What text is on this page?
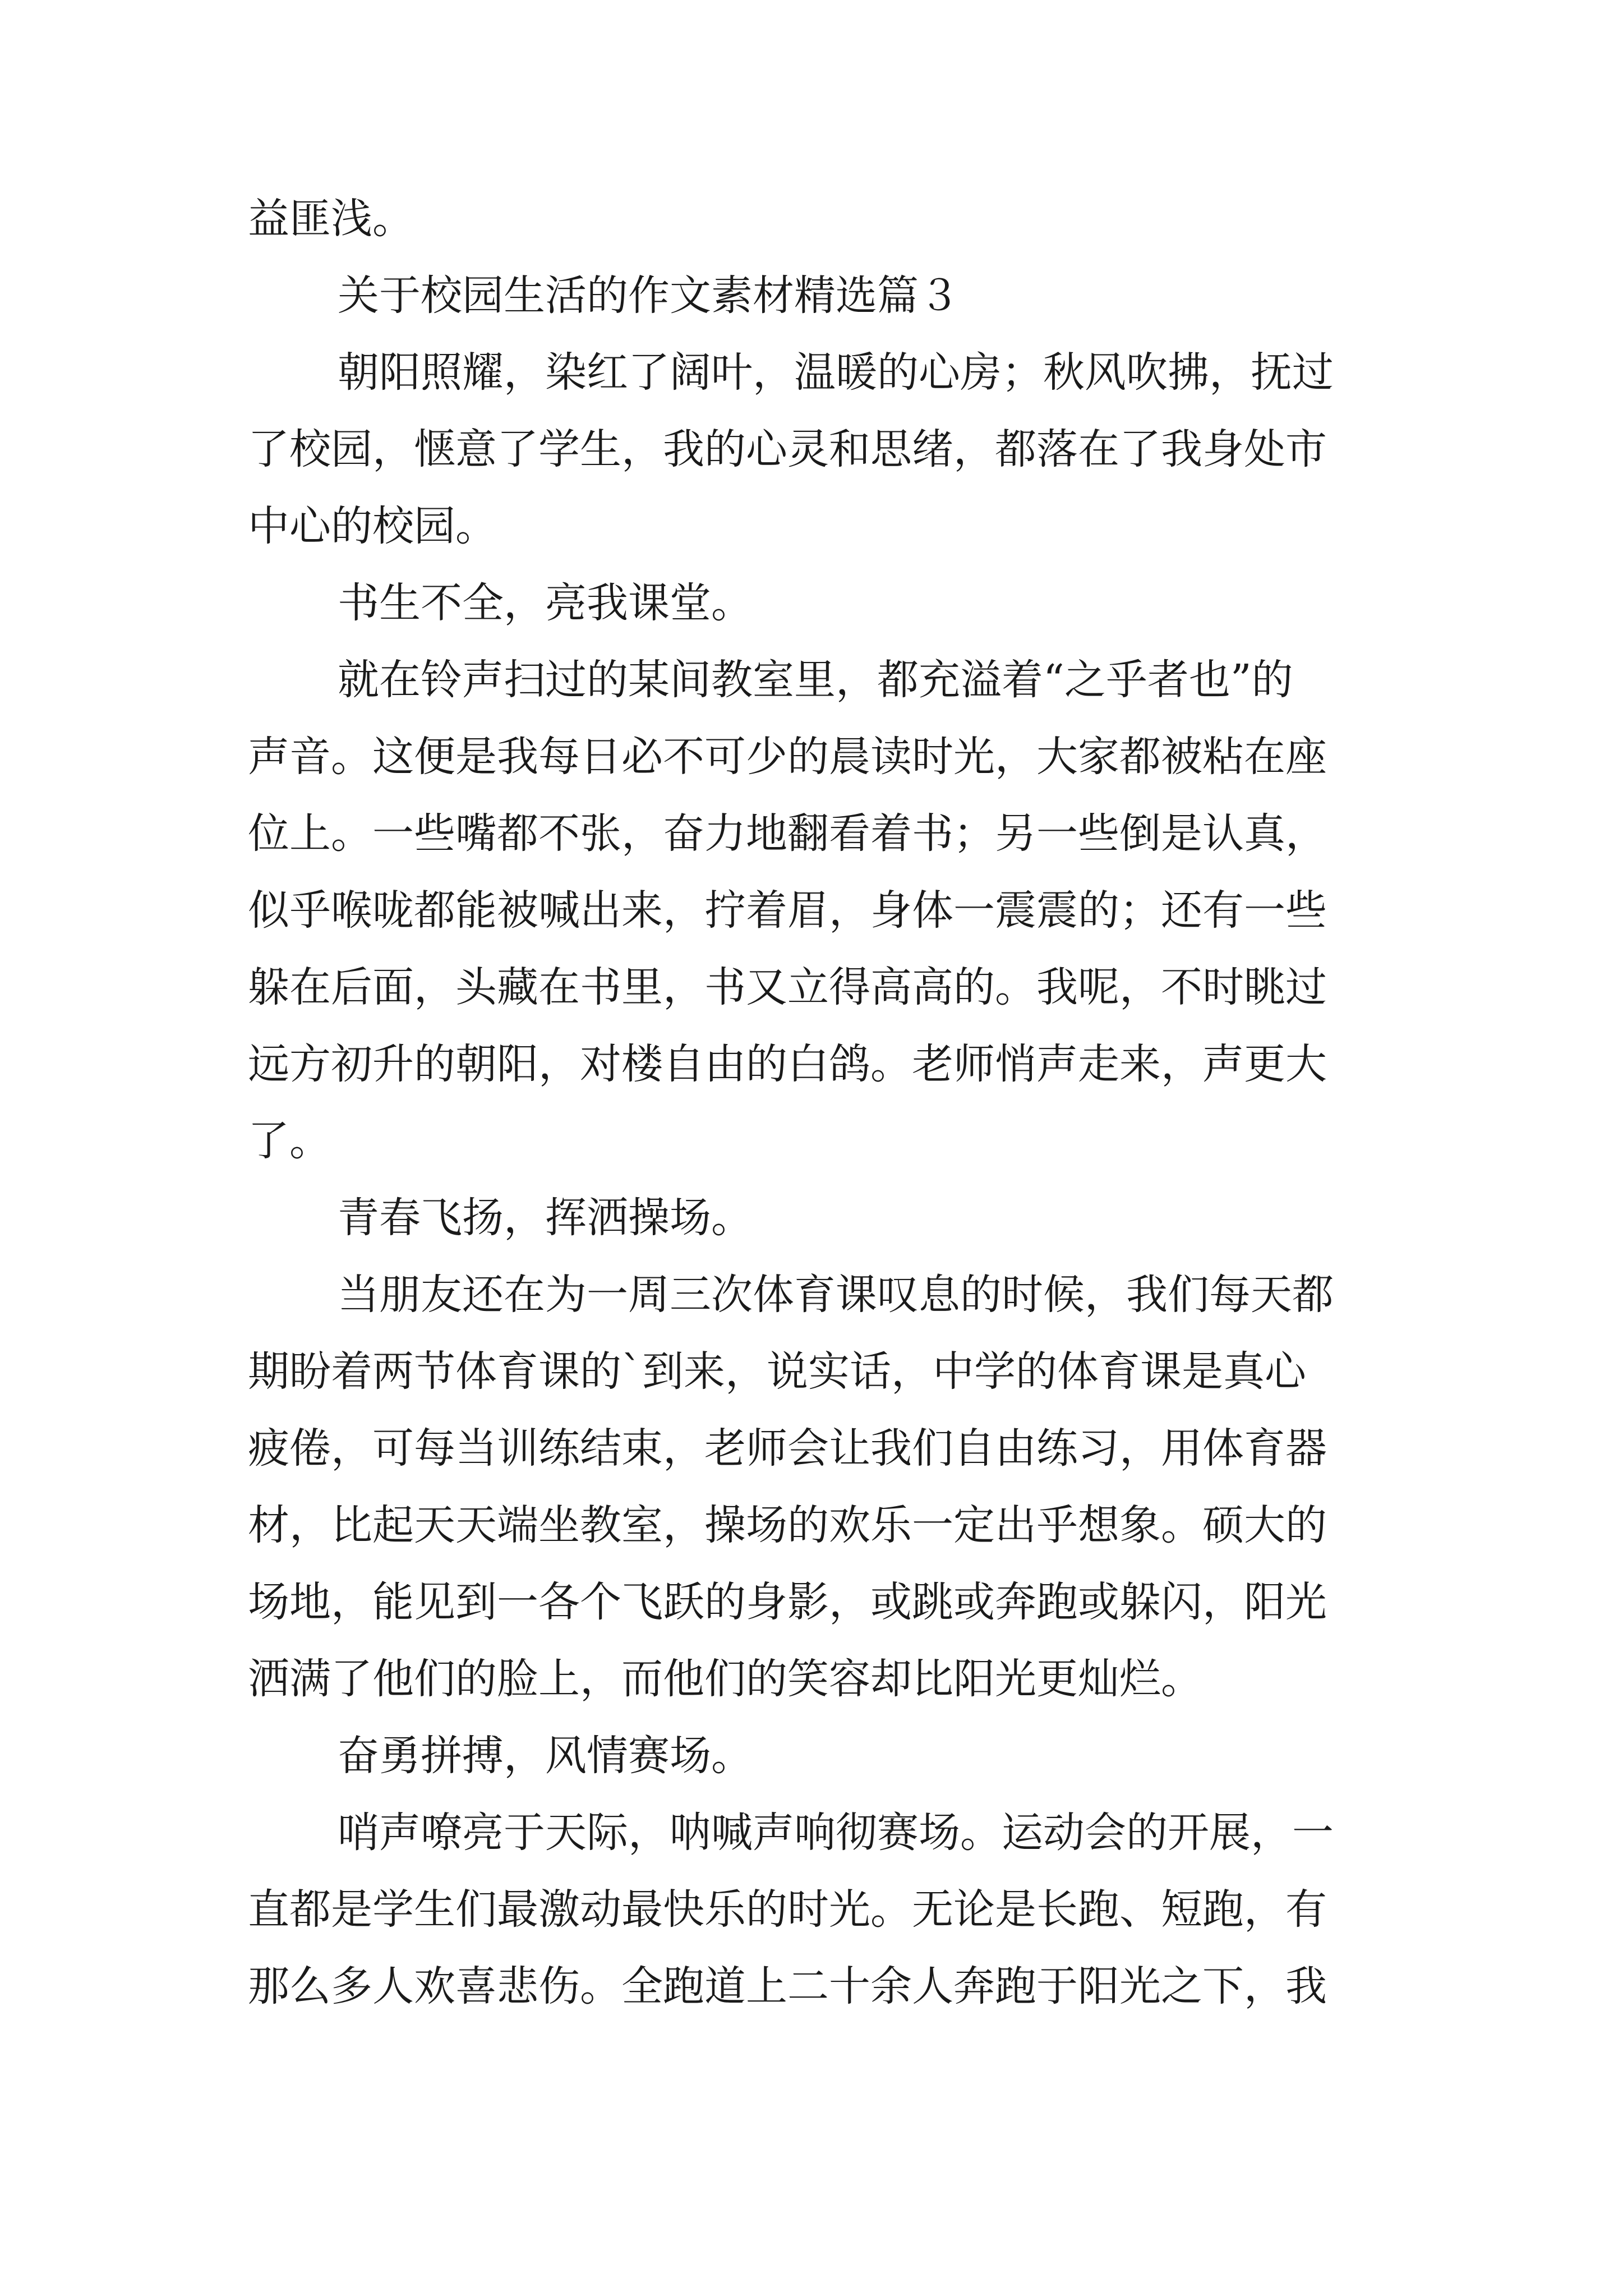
益匪浅。
关于校园生活的作文素材精选篇３
朝阳照耀，染红了阔叶，温暖的心房；秋风吹拂，抚过
了校园，惬意了学生，我的心灵和思绪，都落在了我身处市
中心的校园。
书生不全，亮我课堂。
就在铃声扫过的某间教室里，都充溢着“之乎者也”的
声音。这便是我每日必不可少的晨读时光，大家都被粘在座
位上。一些嘴都不张，奋力地翻看着书；另一些倒是认真，
似乎喉咙都能被喊出来，拧着眉，身体一震震的；还有一些
躲在后面，头藏在书里，书又立得高高的。我呢，不时眺过
远方初升的朝阳，对楼自由的白鸽。老师悄声走来，声更大
了。
青春飞扬，挥洒操场。
当朋友还在为一周三次体育课叹息的时候，我们每天都
期盼着两节体育课的`到来，说实话，中学的体育课是真心
疲倦，可每当训练结束，老师会让我们自由练习，用体育器
材，比起天天端坐教室，操场的欢乐一定出乎想象。硕大的
场地，能见到一各个飞跃的身影，或跳或奔跑或躲闪，阳光
洒满了他们的脸上，而他们的笑容却比阳光更灿烂。
奋勇拼搏，风情赛场。
哨声嘹亮于天际，呐喊声响彻赛场。运动会的开展，一
直都是学生们最激动最快乐的时光。无论是长跑、短跑，有
那么多人欢喜悲伤。全跑道上二十余人奔跑于阳光之下，我
